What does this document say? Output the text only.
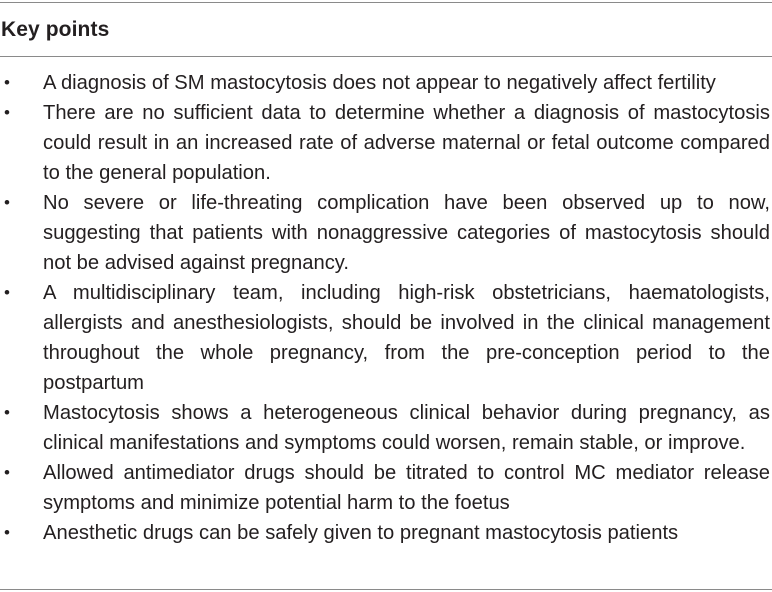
Key points
• A diagnosis of SM mastocytosis does not appear to negatively affect fertility
• There are no sufficient data to determine whether a diagnosis of mastocytosis could result in an increased rate of adverse maternal or fetal outcome compared to the general population.
• No severe or life-threating complication have been observed up to now, suggesting that patients with nonaggressive categories of mastocytosis should not be advised against pregnancy.
• A multidisciplinary team, including high-risk obstetricians, haematologists, allergists and anesthesiologists, should be involved in the clinical management throughout the whole pregnancy, from the pre-conception period to the postpartum
• Mastocytosis shows a heterogeneous clinical behavior during pregnancy, as clinical manifestations and symptoms could worsen, remain stable, or improve.
• Allowed antimediator drugs should be titrated to control MC mediator release symptoms and minimize potential harm to the foetus
• Anesthetic drugs can be safely given to pregnant mastocytosis patients
